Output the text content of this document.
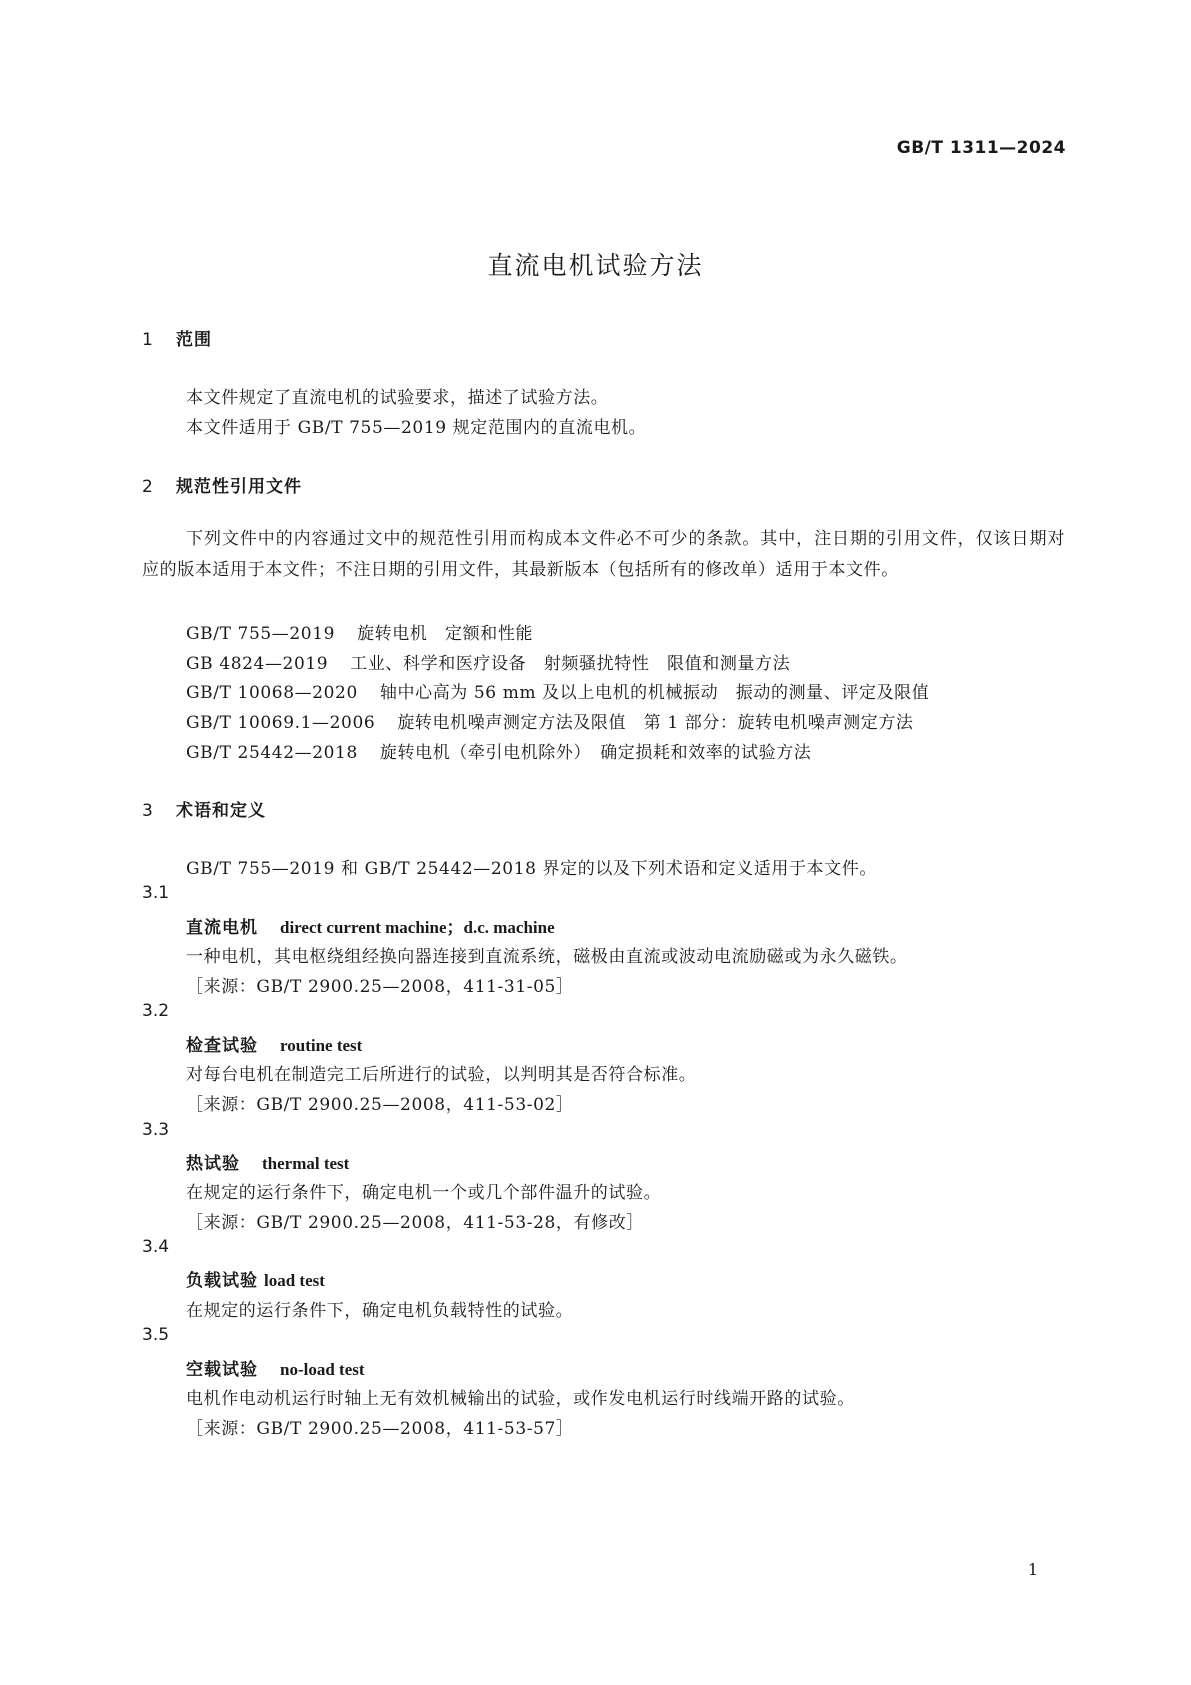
GB/T 1311—2024
直流电机试验方法
1 范围
本文件规定了直流电机的试验要求，描述了试验方法。
本文件适用于 GB/T 755—2019 规定范围内的直流电机。
2 规范性引用文件
下列文件中的内容通过文中的规范性引用而构成本文件必不可少的条款。其中，注日期的引用文件，仅该日期对应的版本适用于本文件；不注日期的引用文件，其最新版本（包括所有的修改单）适用于本文件。
GB/T 755—2019 旋转电机　定额和性能
GB 4824—2019 工业、科学和医疗设备　射频骚扰特性　限值和测量方法
GB/T 10068—2020 轴中心高为 56 mm 及以上电机的机械振动　振动的测量、评定及限值
GB/T 10069.1—2006 旋转电机噪声测定方法及限值　第 1 部分：旋转电机噪声测定方法
GB/T 25442—2018 旋转电机（牵引电机除外）　确定损耗和效率的试验方法
3 术语和定义
GB/T 755—2019 和 GB/T 25442—2018 界定的以及下列术语和定义适用于本文件。
3.1
直流电机 direct current machine；d.c. machine
一种电机，其电枢绕组经换向器连接到直流系统，磁极由直流或波动电流励磁或为永久磁铁。
［来源：GB/T 2900.25—2008，411-31-05］
3.2
检查试验 routine test
对每台电机在制造完工后所进行的试验，以判明其是否符合标准。
［来源：GB/T 2900.25—2008，411-53-02］
3.3
热试验 thermal test
在规定的运行条件下，确定电机一个或几个部件温升的试验。
［来源：GB/T 2900.25—2008，411-53-28，有修改］
3.4
负载试验 load test
在规定的运行条件下，确定电机负载特性的试验。
3.5
空载试验 no-load test
电机作电动机运行时轴上无有效机械输出的试验，或作发电机运行时线端开路的试验。
［来源：GB/T 2900.25—2008，411-53-57］
1
